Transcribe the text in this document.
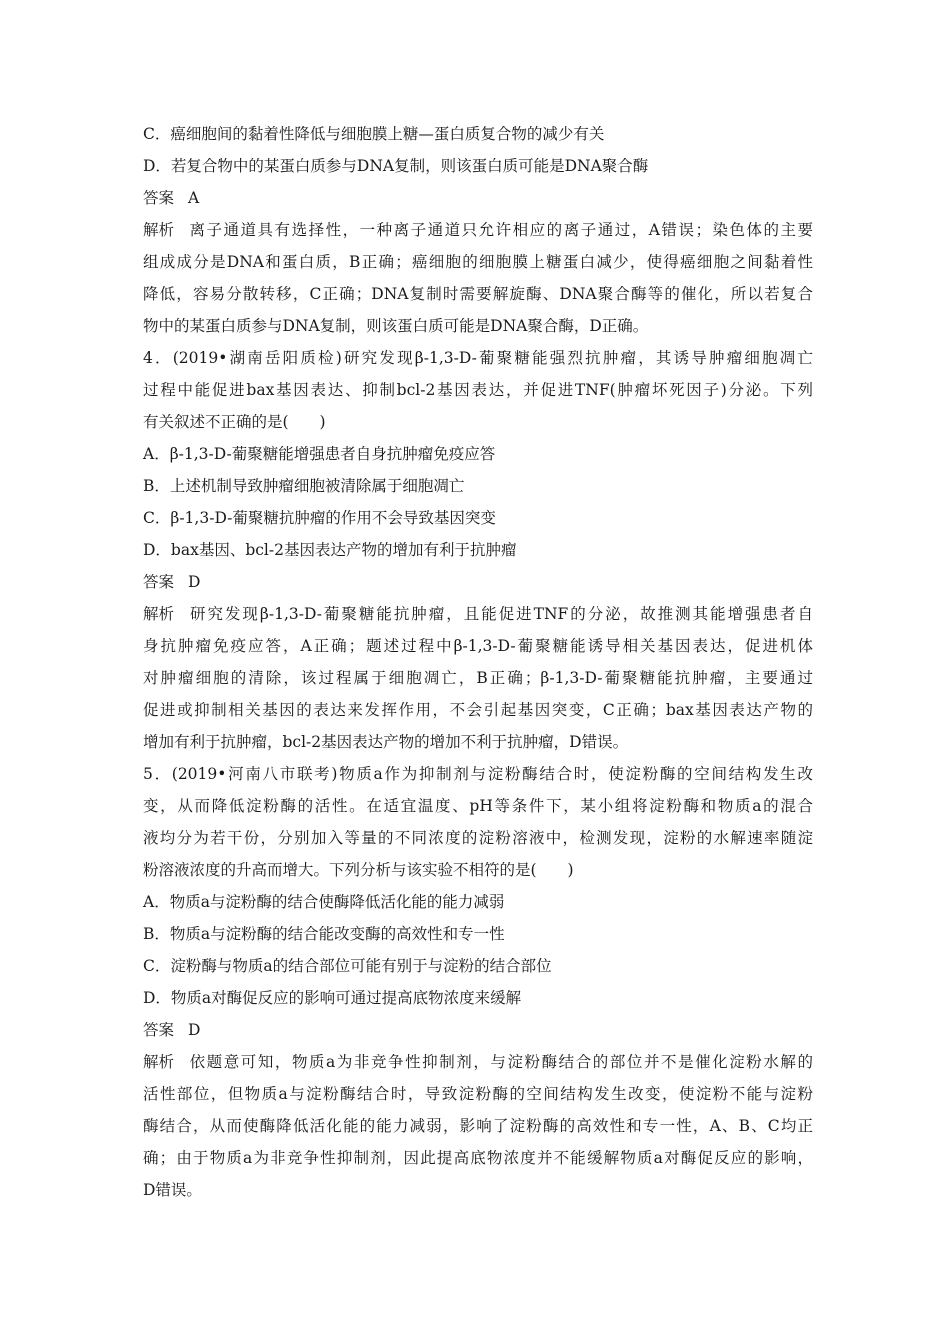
C．癌细胞间的黏着性降低与细胞膜上糖—蛋白质复合物的减少有关
D．若复合物中的某蛋白质参与DNA复制，则该蛋白质可能是DNA聚合酶
答案 A
解析 离子通道具有选择性，一种离子通道只允许相应的离子通过，A错误；染色体的主要
组成成分是DNA和蛋白质，B正确；癌细胞的细胞膜上糖蛋白减少，使得癌细胞之间黏着性
降低，容易分散转移，C正确；DNA复制时需要解旋酶、DNA聚合酶等的催化，所以若复合
物中的某蛋白质参与DNA复制，则该蛋白质可能是DNA聚合酶，D正确。
4．(2019•湖南岳阳质检)研究发现β-1,3-D-葡聚糖能强烈抗肿瘤，其诱导肿瘤细胞凋亡
过程中能促进bax基因表达、抑制bcl-2基因表达，并促进TNF(肿瘤坏死因子)分泌。下列
有关叙述不正确的是(　　)
A．β-1,3-D-葡聚糖能增强患者自身抗肿瘤免疫应答
B．上述机制导致肿瘤细胞被清除属于细胞凋亡
C．β-1,3-D-葡聚糖抗肿瘤的作用不会导致基因突变
D．bax基因、bcl-2基因表达产物的增加有利于抗肿瘤
答案 D
解析 研究发现β-1,3-D-葡聚糖能抗肿瘤，且能促进TNF的分泌，故推测其能增强患者自
身抗肿瘤免疫应答，A正确；题述过程中β-1,3-D-葡聚糖能诱导相关基因表达，促进机体
对肿瘤细胞的清除，该过程属于细胞凋亡，B正确；β-1,3-D-葡聚糖能抗肿瘤，主要通过
促进或抑制相关基因的表达来发挥作用，不会引起基因突变，C正确；bax基因表达产物的
增加有利于抗肿瘤，bcl-2基因表达产物的增加不利于抗肿瘤，D错误。
5．(2019•河南八市联考)物质a作为抑制剂与淀粉酶结合时，使淀粉酶的空间结构发生改
变，从而降低淀粉酶的活性。在适宜温度、pH等条件下，某小组将淀粉酶和物质a的混合
液均分为若干份，分别加入等量的不同浓度的淀粉溶液中，检测发现，淀粉的水解速率随淀
粉溶液浓度的升高而增大。下列分析与该实验不相符的是(　　)
A．物质a与淀粉酶的结合使酶降低活化能的能力减弱
B．物质a与淀粉酶的结合能改变酶的高效性和专一性
C．淀粉酶与物质a的结合部位可能有别于与淀粉的结合部位
D．物质a对酶促反应的影响可通过提高底物浓度来缓解
答案 D
解析 依题意可知，物质a为非竞争性抑制剂，与淀粉酶结合的部位并不是催化淀粉水解的
活性部位，但物质a与淀粉酶结合时，导致淀粉酶的空间结构发生改变，使淀粉不能与淀粉
酶结合，从而使酶降低活化能的能力减弱，影响了淀粉酶的高效性和专一性，A、B、C均正
确；由于物质a为非竞争性抑制剂，因此提高底物浓度并不能缓解物质a对酶促反应的影响，
D错误。
